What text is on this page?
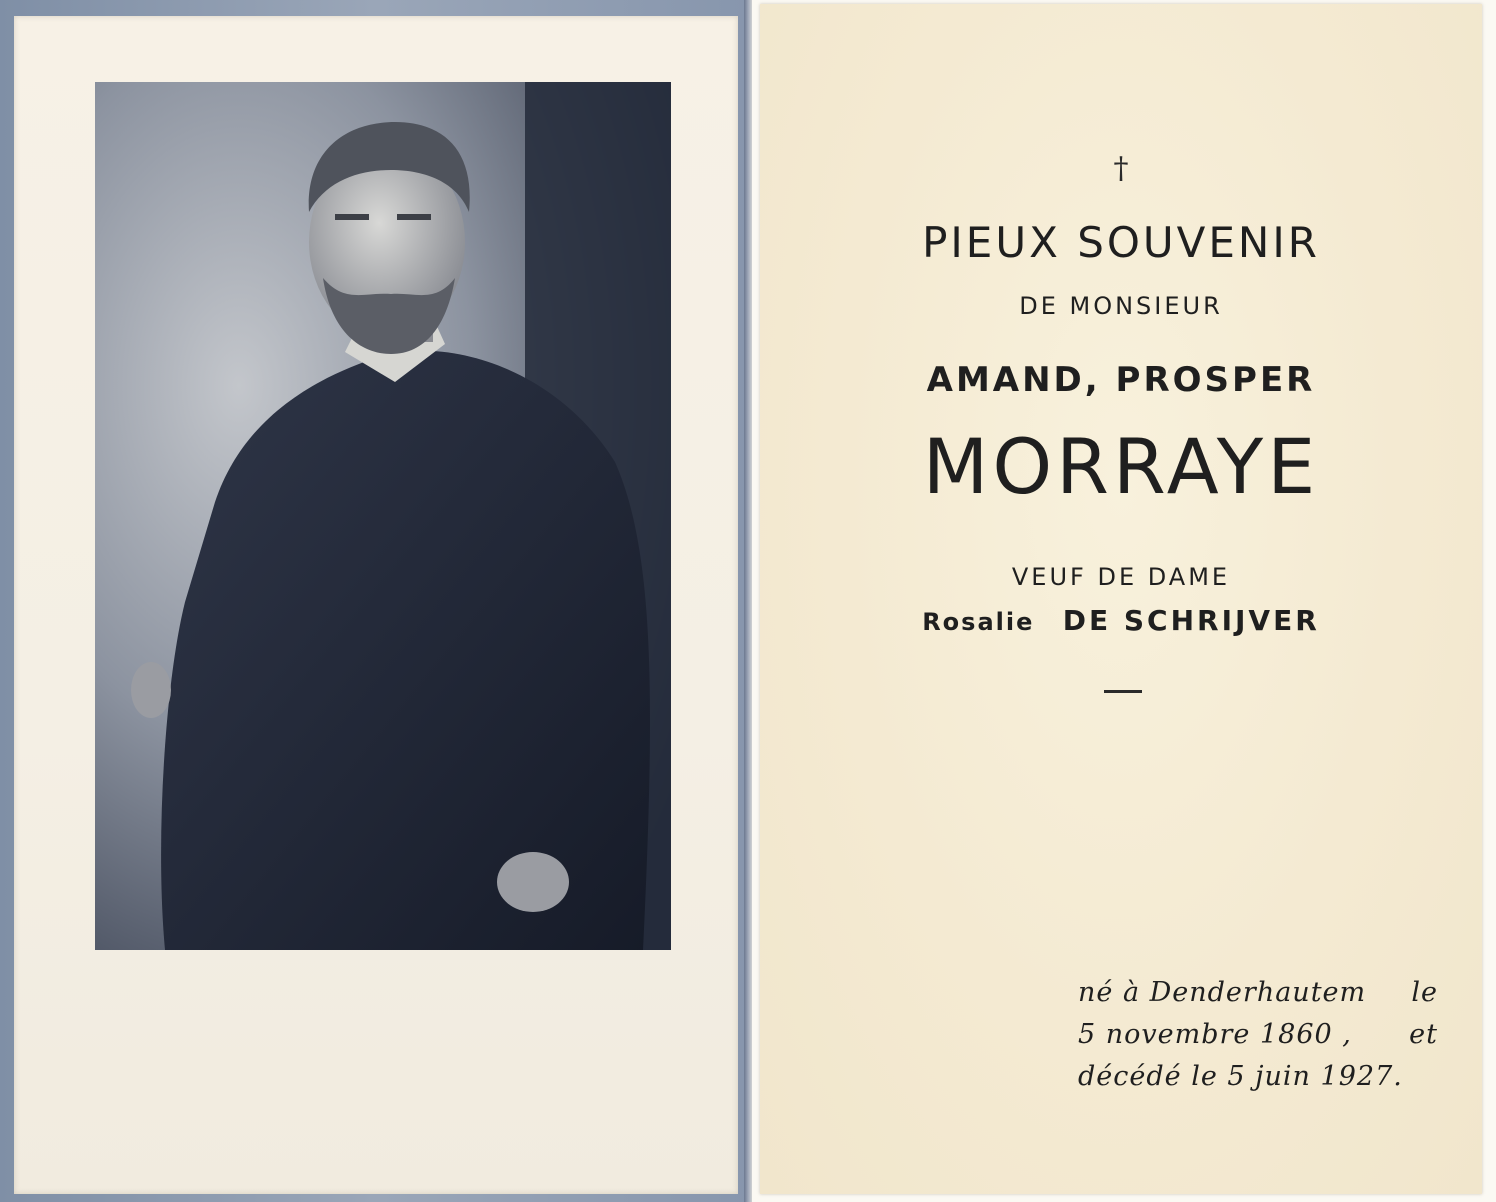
†
PIEUX SOUVENIR
DE MONSIEUR
AMAND, PROSPER
MORRAYE
VEUF DE DAME
Rosalie DE SCHRIJVER
né à Denderhautem le
5 novembre 1860 , et
décédé le 5 juin 1927.
